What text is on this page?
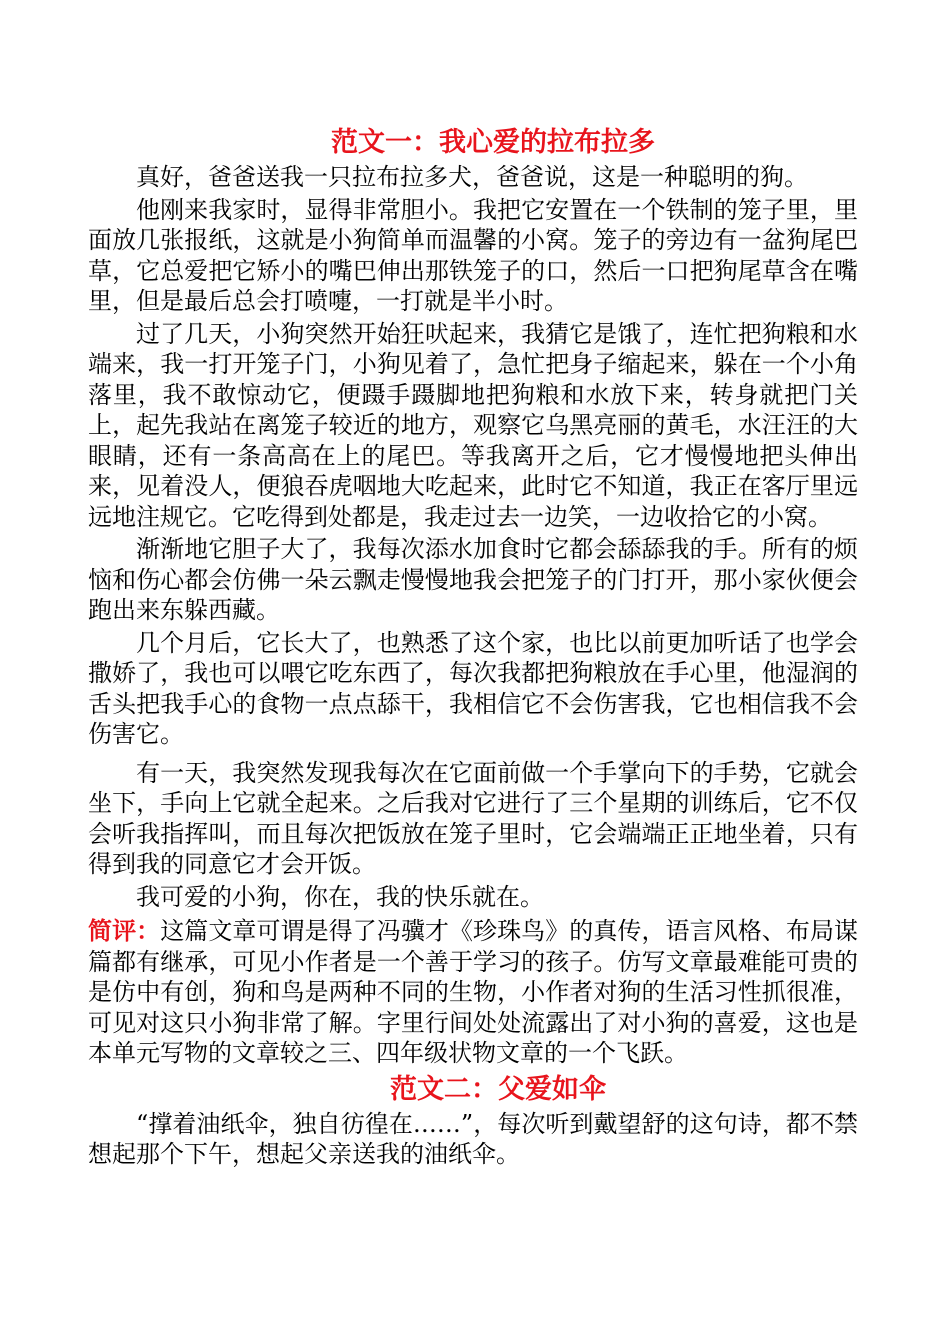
范文一：我心爱的拉布拉多

真好，爸爸送我一只拉布拉多犬，爸爸说，这是一种聪明的狗。

他刚来我家时，显得非常胆小。我把它安置在一个铁制的笼子里，里面放几张报纸，这就是小狗简单而温馨的小窝。笼子的旁边有一盆狗尾巴草，它总爱把它矫小的嘴巴伸出那铁笼子的口，然后一口把狗尾草含在嘴里，但是最后总会打喷嚏，一打就是半小时。

过了几天，小狗突然开始狂吠起来，我猜它是饿了，连忙把狗粮和水端来，我一打开笼子门，小狗见着了，急忙把身子缩起来，躲在一个小角落里，我不敢惊动它，便蹑手蹑脚地把狗粮和水放下来，转身就把门关上，起先我站在离笼子较近的地方，观察它乌黑亮丽的黄毛，水汪汪的大眼睛，还有一条高高在上的尾巴。等我离开之后，它才慢慢地把头伸出来，见着没人，便狼吞虎咽地大吃起来，此时它不知道，我正在客厅里远远地注规它。它吃得到处都是，我走过去一边笑，一边收拾它的小窝。

渐渐地它胆子大了，我每次添水加食时它都会舔舔我的手。所有的烦恼和伤心都会仿佛一朵云飘走慢慢地我会把笼子的门打开，那小家伙便会跑出来东躲西藏。

几个月后，它长大了，也熟悉了这个家，也比以前更加听话了也学会撒娇了，我也可以喂它吃东西了，每次我都把狗粮放在手心里，他湿润的舌头把我手心的食物一点点舔干，我相信它不会伤害我，它也相信我不会伤害它。

有一天，我突然发现我每次在它面前做一个手掌向下的手势，它就会坐下，手向上它就全起来。之后我对它进行了三个星期的训练后，它不仅会听我指挥叫，而且每次把饭放在笼子里时，它会端端正正地坐着，只有得到我的同意它才会开饭。

我可爱的小狗，你在，我的快乐就在。

简评：这篇文章可谓是得了冯骥才《珍珠鸟》的真传，语言风格、布局谋篇都有继承，可见小作者是一个善于学习的孩子。仿写文章最难能可贵的是仿中有创，狗和鸟是两种不同的生物，小作者对狗的生活习性抓很准，可见对这只小狗非常了解。字里行间处处流露出了对小狗的喜爱，这也是本单元写物的文章较之三、四年级状物文章的一个飞跃。

范文二：父爱如伞

“撑着油纸伞，独自彷徨在……”，每次听到戴望舒的这句诗，都不禁想起那个下午，想起父亲送我的油纸伞。
